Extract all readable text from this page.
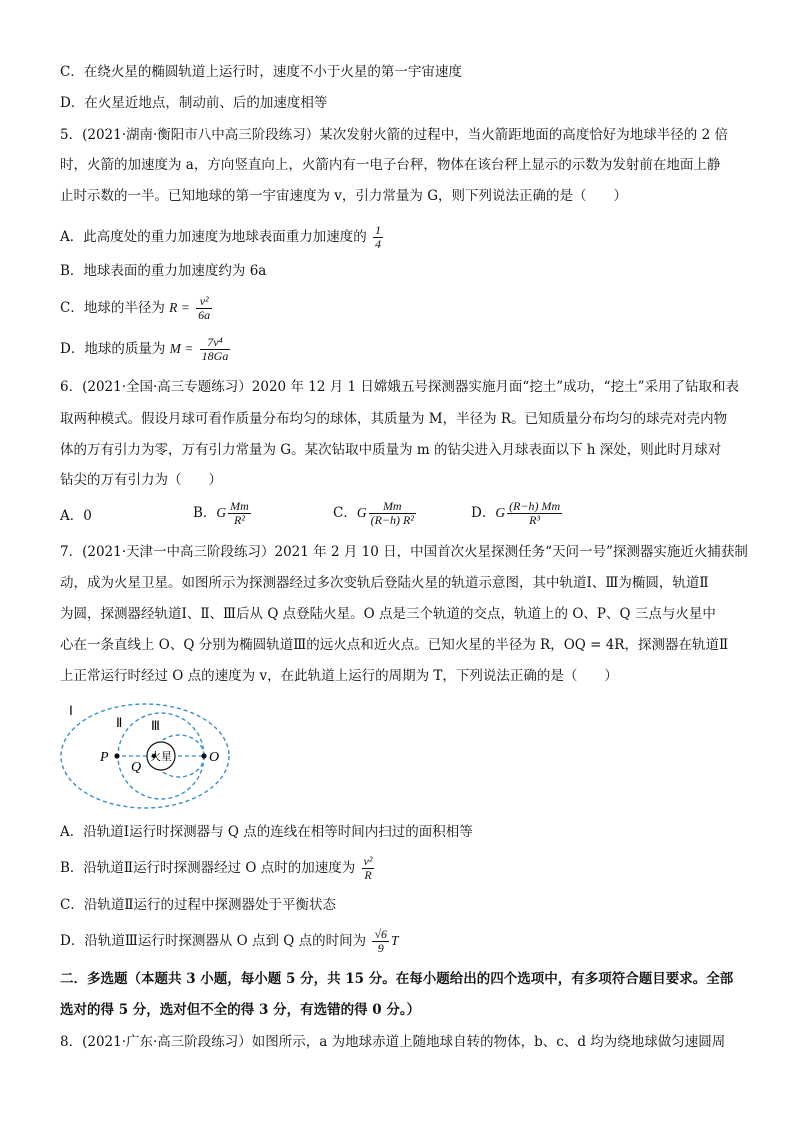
C．在绕火星的椭圆轨道上运行时，速度不小于火星的第一宇宙速度
D．在火星近地点，制动前、后的加速度相等
5．(2021·湖南·衡阳市八中高三阶段练习）某次发射火箭的过程中，当火箭距地面的高度恰好为地球半径的 2 倍
时，火箭的加速度为 a，方向竖直向上，火箭内有一电子台秤，物体在该台秤上显示的示数为发射前在地面上静
止时示数的一半。已知地球的第一宇宙速度为 v，引力常量为 G，则下列说法正确的是（　　）
A．此高度处的重力加速度为地球表面重力加速度的 $\frac{1}{4}$
B．地球表面的重力加速度约为 6a
C．地球的半径为 $R = \frac{\text{v²}}{6a}$
D．地球的质量为 $M = \frac{\text{7v⁴}}{18Ga}$
6．(2021·全国·高三专题练习）2020 年 12 月 1 日嫦娥五号探测器实施月面“挖土”成功，“挖土”采用了钻取和表
取两种模式。假设月球可看作质量分布均匀的球体，其质量为 M，半径为 R。已知质量分布均匀的球壳对壳内物
体的万有引力为零，万有引力常量为 G。某次钻取中质量为 m 的钻尖进入月球表面以下 h 深处，则此时月球对
钻尖的万有引力为（　　）
A．0	B．G $\frac{Mm}{\text{R²}}$	C．G $\frac{Mm}{\text{(R−h) R²}}$	D．G $\frac{(R-h) Mm}{\text{R³}}$
7．(2021·天津一中高三阶段练习）2021 年 2 月 10 日，中国首次火星探测任务“天问一号”探测器实施近火捕获制
动，成为火星卫星。如图所示为探测器经过多次变轨后登陆火星的轨道示意图，其中轨道Ⅰ、Ⅲ为椭圆，轨道Ⅱ
为圆，探测器经轨道Ⅰ、Ⅱ、Ⅲ后从 Q 点登陆火星。O 点是三个轨道的交点，轨道上的 O、P、Q 三点与火星中
心在一条直线上 O、Q 分别为椭圆轨道Ⅲ的远火点和近火点。已知火星的半径为 R，OQ = 4R，探测器在轨道Ⅱ
上正常运行时经过 O 点的速度为 v，在此轨道上运行的周期为 T，下列说法正确的是（　　）
火星
Ⅰ
Ⅱ Ⅲ
P
Q
O
A．沿轨道Ⅰ运行时探测器与 Q 点的连线在相等时间内扫过的面积相等
B．沿轨道Ⅱ运行时探测器经过 O 点时的加速度为 $\frac{\text{v²}}{R}$
C．沿轨道Ⅱ运行的过程中探测器处于平衡状态
D．沿轨道Ⅲ运行时探测器从 O 点到 Q 点的时间为 $\frac{√6}{9}$ T
二．多选题（本题共 3 小题，每小题 5 分，共 15 分。在每小题给出的四个选项中，有多项符合题目要求。全部
选对的得 5 分，选对但不全的得 3 分，有选错的得 0 分。）
8．(2021·广东·高三阶段练习）如图所示，a 为地球赤道上随地球自转的物体，b、c、d 均为绕地球做匀速圆周
